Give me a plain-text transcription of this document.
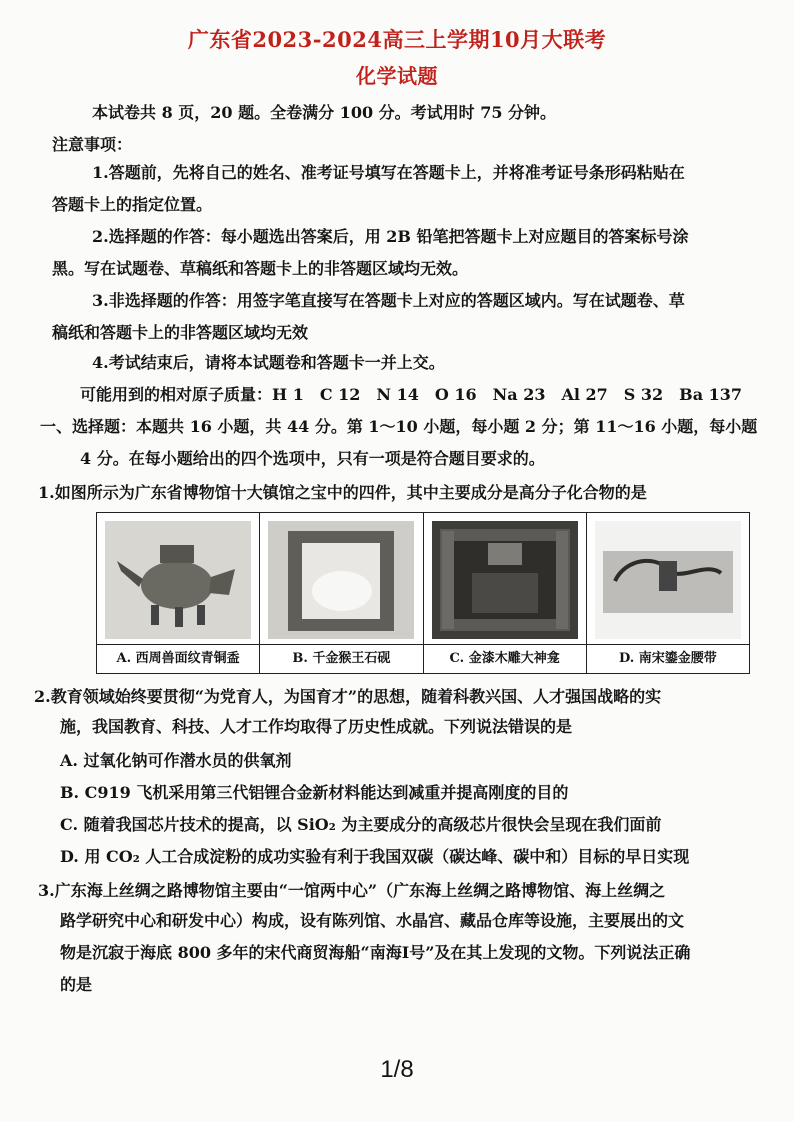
广东省2023-2024高三上学期10月大联考
化学试题
本试卷共 8 页，20 题。全卷满分 100 分。考试用时 75 分钟。
注意事项：
1.答题前，先将自己的姓名、准考证号填写在答题卡上，并将准考证号条形码粘贴在
答题卡上的指定位置。
2.选择题的作答：每小题选出答案后，用 2B 铅笔把答题卡上对应题目的答案标号涂
黑。写在试题卷、草稿纸和答题卡上的非答题区域均无效。
3.非选择题的作答：用签字笔直接写在答题卡上对应的答题区域内。写在试题卷、草
稿纸和答题卡上的非答题区域均无效
4.考试结束后，请将本试题卷和答题卡一并上交。
可能用到的相对原子质量：H 1　C 12　N 14　O 16　Na 23　Al 27　S 32　Ba 137
一、选择题：本题共 16 小题，共 44 分。第 1～10 小题，每小题 2 分；第 11～16 小题，每小题
4 分。在每小题给出的四个选项中，只有一项是符合题目要求的。
1.如图所示为广东省博物馆十大镇馆之宝中的四件，其中主要成分是高分子化合物的是
A. 西周兽面纹青铜盉	B. 千金猴王石砚	C. 金漆木雕大神龛	D. 南宋鎏金腰带
2.教育领域始终要贯彻“为党育人，为国育才”的思想，随着科教兴国、人才强国战略的实
施，我国教育、科技、人才工作均取得了历史性成就。下列说法错误的是
A. 过氧化钠可作潜水员的供氧剂
B. C919 飞机采用第三代铝锂合金新材料能达到减重并提高刚度的目的
C. 随着我国芯片技术的提高，以 SiO₂ 为主要成分的高级芯片很快会呈现在我们面前
D. 用 CO₂ 人工合成淀粉的成功实验有利于我国双碳（碳达峰、碳中和）目标的早日实现
3.广东海上丝绸之路博物馆主要由“一馆两中心”（广东海上丝绸之路博物馆、海上丝绸之
路学研究中心和研发中心）构成，设有陈列馆、水晶宫、藏品仓库等设施，主要展出的文
物是沉寂于海底 800 多年的宋代商贸海船“南海Ⅰ号”及在其上发现的文物。下列说法正确
的是
1/8
